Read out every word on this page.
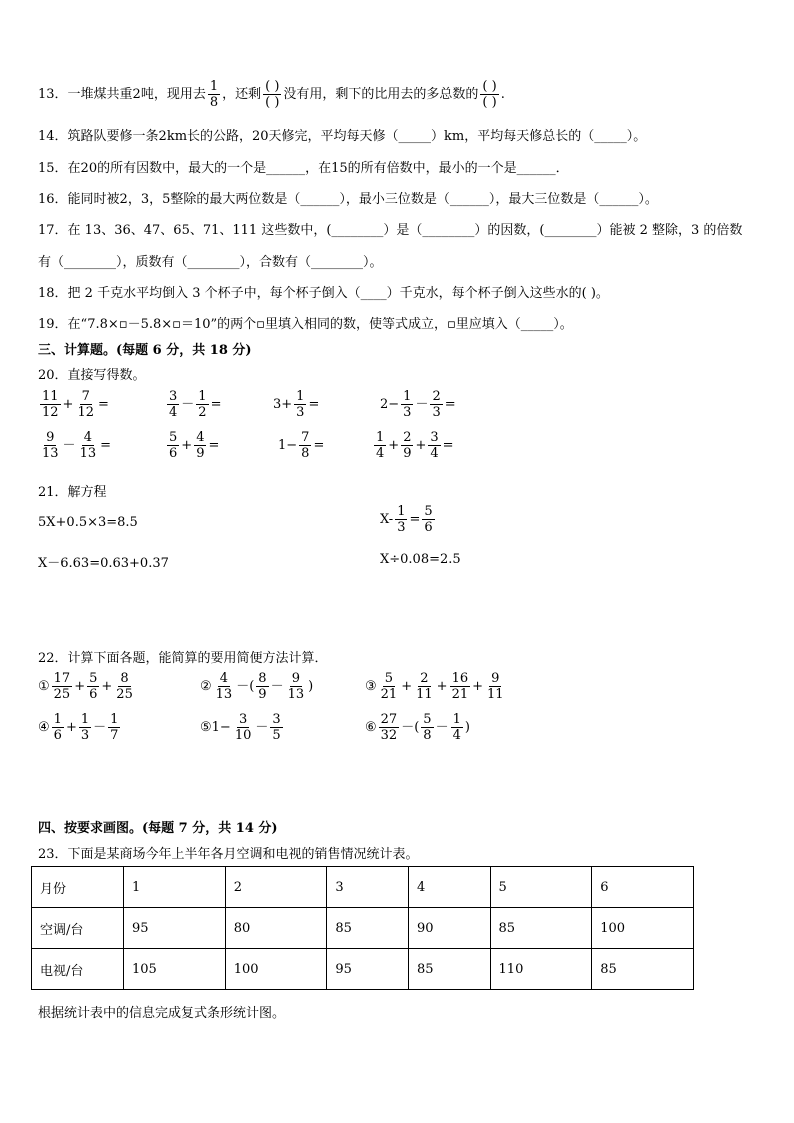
13．一堆煤共重2吨，现用去 $\frac{1}{8}$ ，还剩 $\frac{( )}{( )}$ 没有用，剩下的比用去的多总数的 $\frac{( )}{( )}$ .
14．筑路队要修一条2km长的公路，20天修完，平均每天修（_____）km，平均每天修总长的（_____）。
15．在20的所有因数中，最大的一个是______，在15的所有倍数中，最小的一个是______．
16．能同时被2，3，5整除的最大两位数是（______），最小三位数是（______），最大三位数是（______）。
17．在 13、36、47、65、71、111 这些数中，(________）是（________）的因数，(________）能被 2 整除，3 的倍数
有（________），质数有（________），合数有（________）。
18．把 2 千克水平均倒入 3 个杯子中，每个杯子倒入（____）千克水，每个杯子倒入这些水的( )。
19．在“7.8×▫－5.8×▫＝10”的两个▫里填入相同的数，使等式成立，▫里应填入（_____）。
三、计算题。(每题 6 分，共 18 分)
20．直接写得数。
$\frac{11}{12} + \frac{7}{12}$ =	$\frac{3}{4} - \frac{1}{2}$ =	$3+ \frac{1}{3}$ =	$2- \frac{1}{3} - \frac{2}{3}$ =
$\frac{9}{13} - \frac{4}{13}$ =	$\frac{5}{6} + \frac{4}{9}$ =	$1- \frac{7}{8}$ =	$\frac{1}{4} + \frac{2}{9} + \frac{3}{4}$ =
21．解方程
5X+0.5×3=8.5	$X- \frac{1}{3} = \frac{5}{6}$
X－6.63=0.63+0.37	X÷0.08=2.5
22．计算下面各题，能简算的要用简便方法计算．
① $\frac{17}{25} + \frac{5}{6} + \frac{8}{25}$	② $\frac{4}{13}$ －( $\frac{8}{9} - \frac{9}{13}$ )	③ $\frac{5}{21} + \frac{2}{11} + \frac{16}{21} + \frac{9}{11}$
④ $\frac{1}{6} + \frac{1}{3} - \frac{1}{7}$	⑤1− $\frac{3}{10} - \frac{3}{5}$	⑥ $\frac{27}{32}$ －( $\frac{5}{8} - \frac{1}{4}$ )
四、按要求画图。(每题 7 分，共 14 分)
23．下面是某商场今年上半年各月空调和电视的销售情况统计表。
月份	1	2	3	4	5	6
空调/台	95	80	85	90	85	100
电视/台	105	100	95	85	110	85
根据统计表中的信息完成复式条形统计图。
